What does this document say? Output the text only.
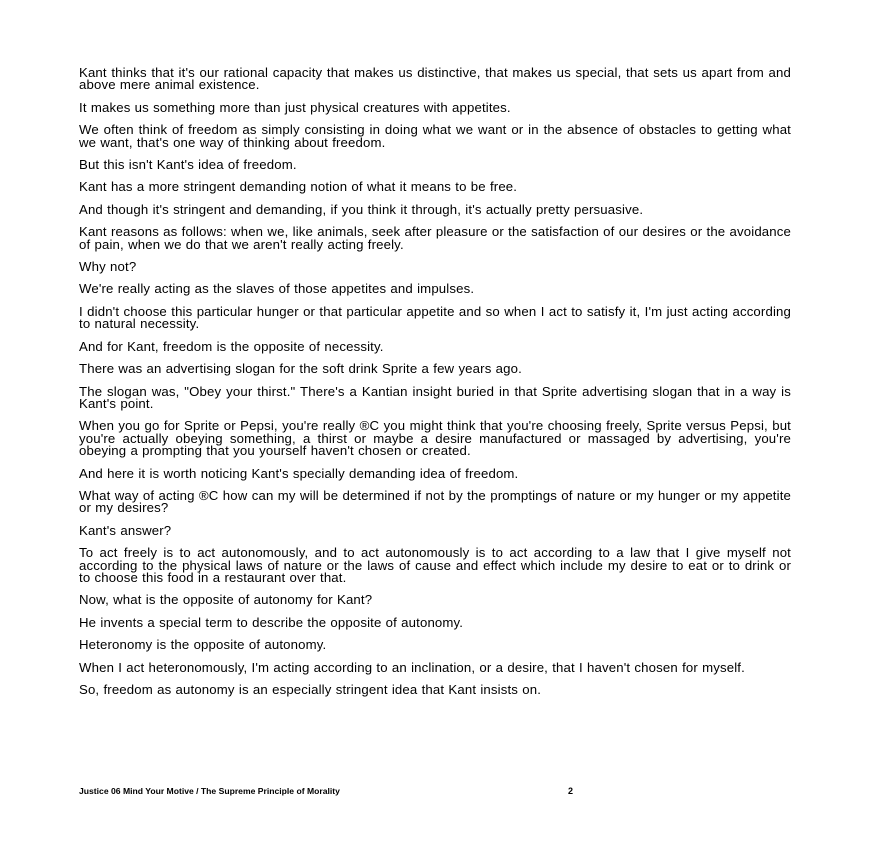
Kant thinks that it's our rational capacity that makes us distinctive, that makes us special, that sets us apart from and above mere animal existence.

It makes us something more than just physical creatures with appetites.

We often think of freedom as simply consisting in doing what we want or in the absence of obstacles to getting what we want, that's one way of thinking about freedom.

But this isn't Kant's idea of freedom.

Kant has a more stringent demanding notion of what it means to be free.

And though it's stringent and demanding, if you think it through, it's actually pretty persuasive.

Kant reasons as follows: when we, like animals, seek after pleasure or the satisfaction of our desires or the avoidance of pain, when we do that we aren't really acting freely.

Why not?

We're really acting as the slaves of those appetites and impulses.

I didn't choose this particular hunger or that particular appetite and so when I act to satisfy it, I'm just acting according to natural necessity.

And for Kant, freedom is the opposite of necessity.

There was an advertising slogan for the soft drink Sprite a few years ago.

The slogan was, "Obey your thirst." There's a Kantian insight buried in that Sprite advertising slogan that in a way is Kant's point.

When you go for Sprite or Pepsi, you're really ®C you might think that you're choosing freely, Sprite versus Pepsi, but you're actually obeying something, a thirst or maybe a desire manufactured or massaged by advertising, you're obeying a prompting that you yourself haven't chosen or created.

And here it is worth noticing Kant's specially demanding idea of freedom.

What way of acting ®C how can my will be determined if not by the promptings of nature or my hunger or my appetite or my desires?

Kant's answer?

To act freely is to act autonomously, and to act autonomously is to act according to a law that I give myself not according to the physical laws of nature or the laws of cause and effect which include my desire to eat or to drink or to choose this food in a restaurant over that.

Now, what is the opposite of autonomy for Kant?

He invents a special term to describe the opposite of autonomy.

Heteronomy is the opposite of autonomy.

When I act heteronomously, I'm acting according to an inclination, or a desire, that I haven't chosen for myself.

So, freedom as autonomy is an especially stringent idea that Kant insists on.

Justice 06 Mind Your Motive / The Supreme Principle of Morality	2
